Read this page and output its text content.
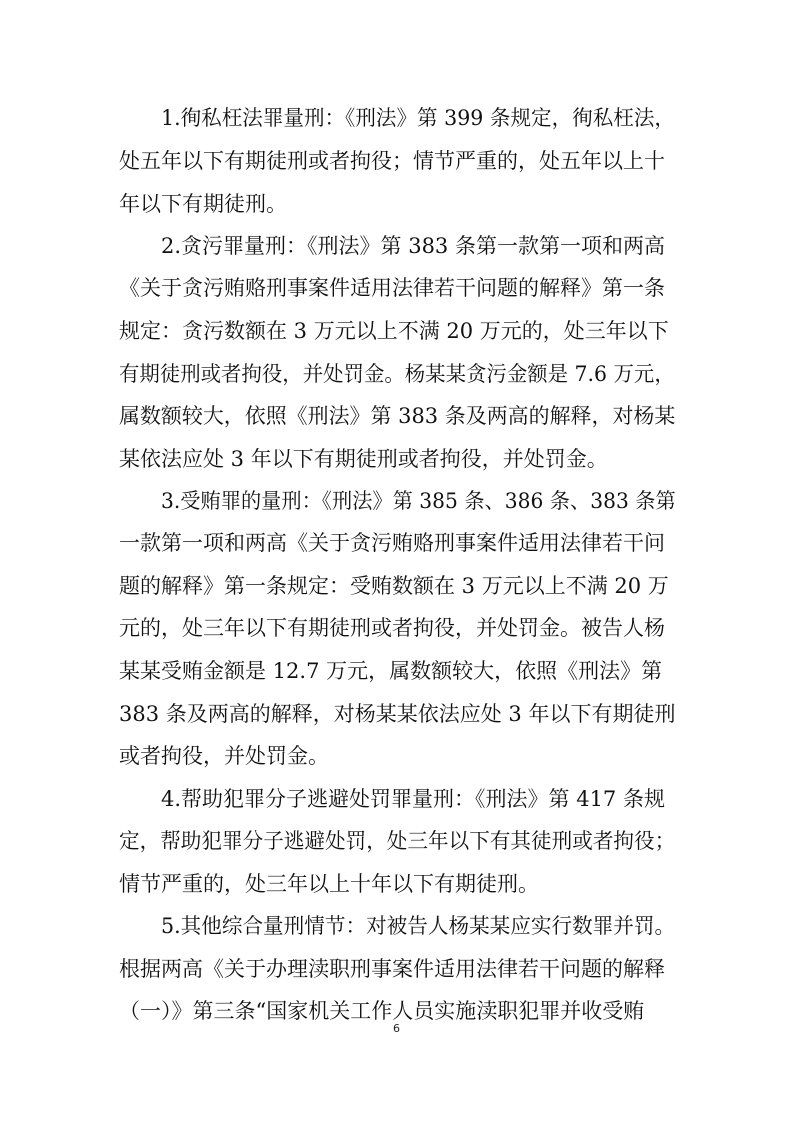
1.徇私枉法罪量刑：《刑法》第 399 条规定，徇私枉法，
处五年以下有期徒刑或者拘役；情节严重的，处五年以上十
年以下有期徒刑。
2.贪污罪量刑：《刑法》第 383 条第一款第一项和两高
《关于贪污贿赂刑事案件适用法律若干问题的解释》第一条
规定：贪污数额在 3 万元以上不满 20 万元的，处三年以下
有期徒刑或者拘役，并处罚金。杨某某贪污金额是 7.6 万元，
属数额较大，依照《刑法》第 383 条及两高的解释，对杨某
某依法应处 3 年以下有期徒刑或者拘役，并处罚金。
3.受贿罪的量刑：《刑法》第 385 条、386 条、383 条第
一款第一项和两高《关于贪污贿赂刑事案件适用法律若干问
题的解释》第一条规定：受贿数额在 3 万元以上不满 20 万
元的，处三年以下有期徒刑或者拘役，并处罚金。被告人杨
某某受贿金额是 12.7 万元，属数额较大，依照《刑法》第
383 条及两高的解释，对杨某某依法应处 3 年以下有期徒刑
或者拘役，并处罚金。
4.帮助犯罪分子逃避处罚罪量刑：《刑法》第 417 条规
定，帮助犯罪分子逃避处罚，处三年以下有其徒刑或者拘役；
情节严重的，处三年以上十年以下有期徒刑。
5.其他综合量刑情节：对被告人杨某某应实行数罪并罚。
根据两高《关于办理渎职刑事案件适用法律若干问题的解释
（一）》第三条“国家机关工作人员实施渎职犯罪并收受贿
6
